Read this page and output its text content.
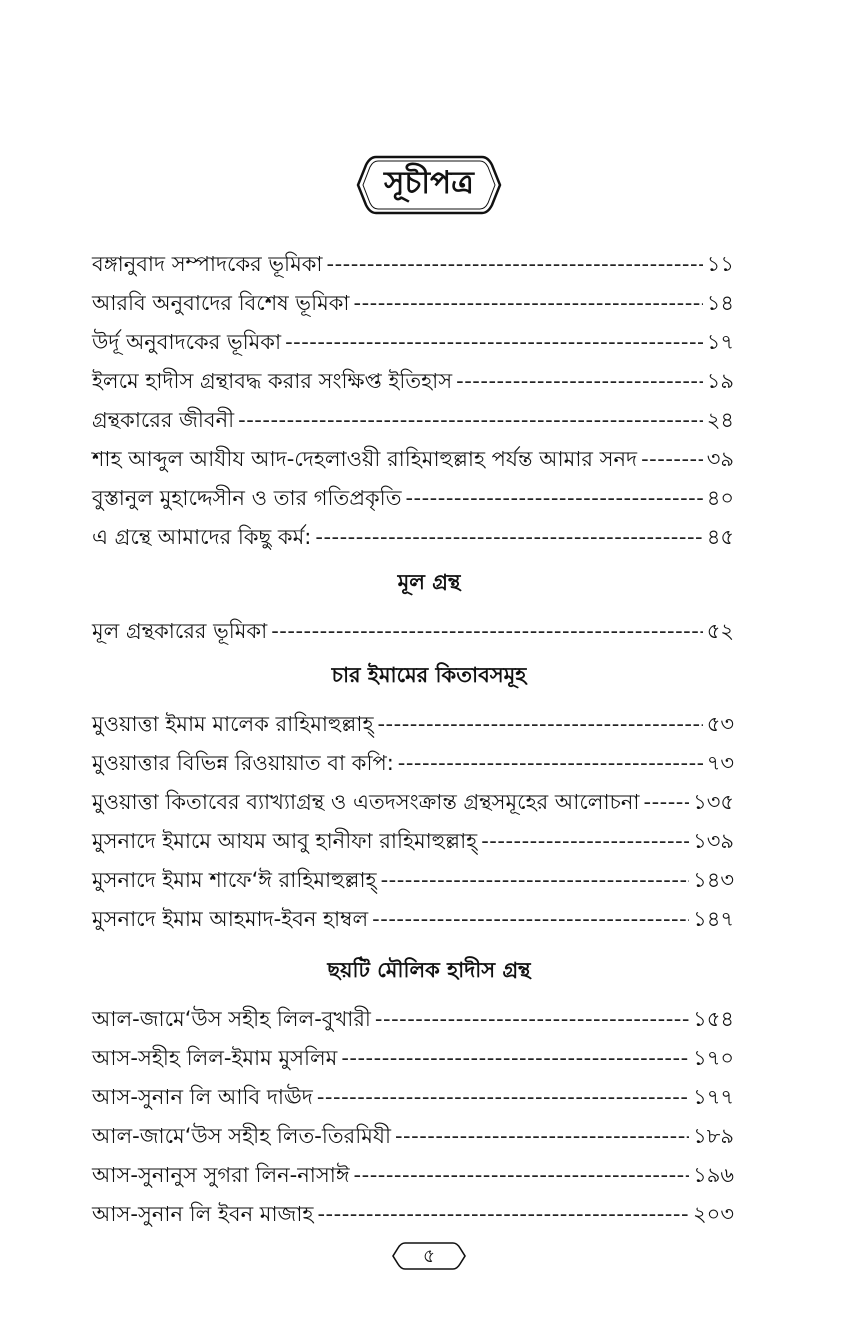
সূচীপত্র
বঙ্গানুবাদ সম্পাদকের ভূমিকা -----	১১
আরবি অনুবাদের বিশেষ ভূমিকা -----	১৪
উর্দূ অনুবাদকের ভূমিকা -----	১৭
ইলমে হাদীস গ্রন্থাবদ্ধ করার সংক্ষিপ্ত ইতিহাস -----	১৯
গ্রন্থকারের জীবনী -----	২৪
শাহ আব্দুল আযীয আদ-দেহলাওয়ী রাহিমাহুল্লাহ পর্যন্ত আমার সনদ -----	৩৯
বুস্তানুল মুহাদ্দেসীন ও তার গতিপ্রকৃতি -----	৪০
এ গ্রন্থে আমাদের কিছু কর্ম: -----	৪৫
মূল গ্রন্থ
মূল গ্রন্থকারের ভূমিকা -----	৫২
চার ইমামের কিতাবসমূহ
মুওয়াত্তা ইমাম মালেক রাহিমাহুল্লাহ্ -----	৫৩
মুওয়াত্তার বিভিন্ন রিওয়ায়াত বা কপি: -----	৭৩
মুওয়াত্তা কিতাবের ব্যাখ্যাগ্রন্থ ও এতদসংক্রান্ত গ্রন্থসমূহের আলোচনা -----	১৩৫
মুসনাদে ইমামে আযম আবু হানীফা রাহিমাহুল্লাহ্ -----	১৩৯
মুসনাদে ইমাম শাফে‘ঈ রাহিমাহুল্লাহ্ -----	১৪৩
মুসনাদে ইমাম আহমাদ-ইবন হাম্বল -----	১৪৭
ছয়টি মৌলিক হাদীস গ্রন্থ
আল-জামে‘উস সহীহ লিল-বুখারী -----	১৫৪
আস-সহীহ লিল-ইমাম মুসলিম -----	১৭০
আস-সুনান লি আবি দাঊদ -----	১৭৭
আল-জামে‘উস সহীহ লিত-তিরমিযী -----	১৮৯
আস-সুনানুস সুগরা লিন-নাসাঈ -----	১৯৬
আস-সুনান লি ইবন মাজাহ -----	২০৩
৫
